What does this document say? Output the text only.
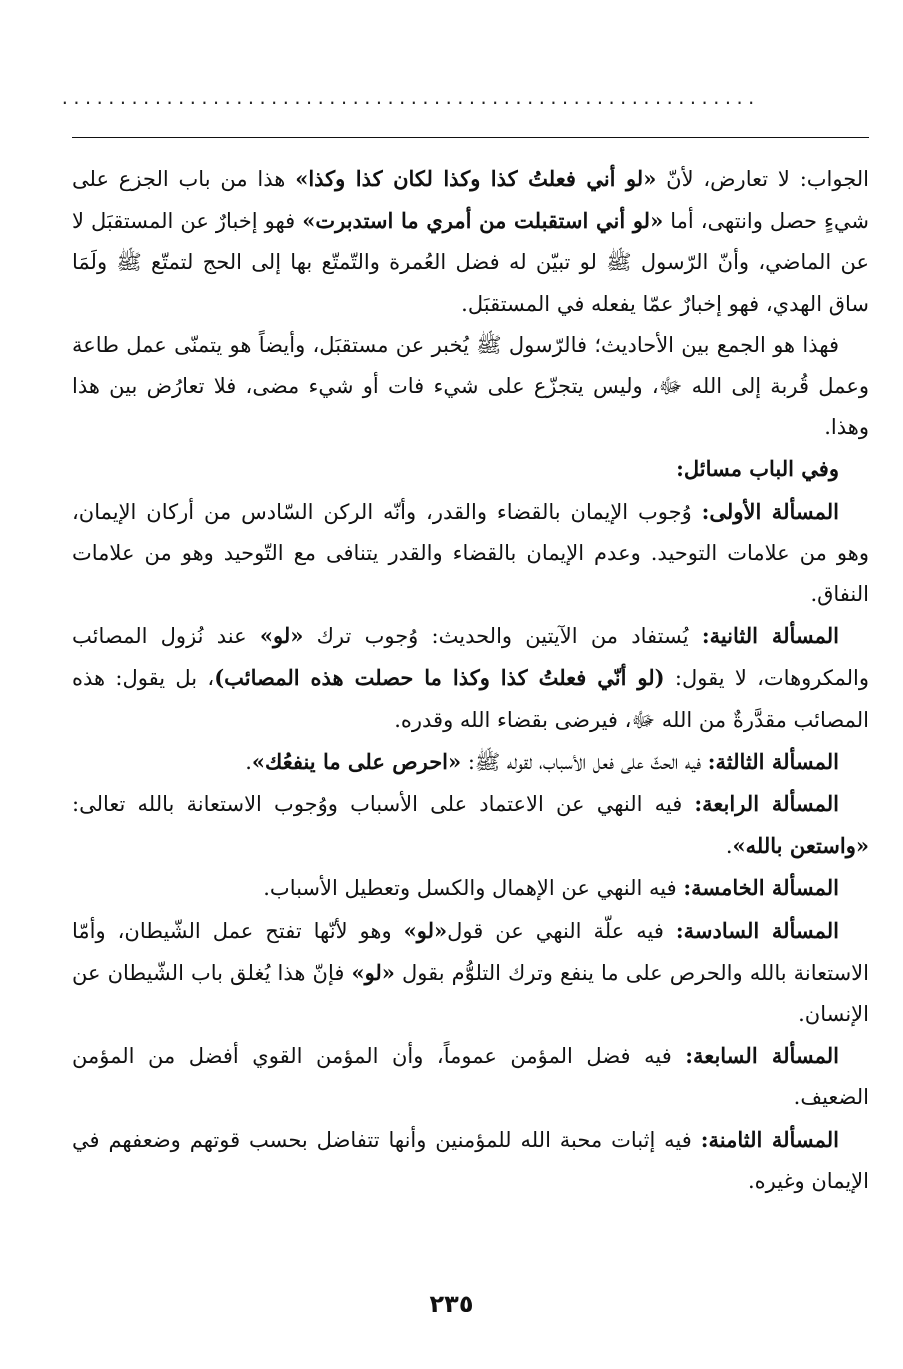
............................................................

الجواب: لا تعارض، لأنّ «لو أني فعلتُ كذا وكذا لكان كذا وكذا» هذا من باب الجزع على شيءٍ حصل وانتهى، أما «لو أني استقبلت من أمري ما استدبرت» فهو إخبارٌ عن المستقبَل لا عن الماضي، وأنّ الرّسول ﷺ لو تبيّن له فضل العُمرة والتّمتّع بها إلى الحج لتمتّع ﷺ ولَمَا ساق الهدي، فهو إخبارٌ عمّا يفعله في المستقبَل.

فهذا هو الجمع بين الأحاديث؛ فالرّسول ﷺ يُخبر عن مستقبَل، وأيضاً هو يتمنّى عمل طاعة وعمل قُربة إلى الله ﷻ، وليس يتجزّع على شيء فات أو شيء مضى، فلا تعارُض بين هذا وهذا.

وفي الباب مسائل:

المسألة الأولى: وُجوب الإيمان بالقضاء والقدر، وأنّه الركن السّادس من أركان الإيمان، وهو من علامات التوحيد. وعدم الإيمان بالقضاء والقدر يتنافى مع التّوحيد وهو من علامات النفاق.

المسألة الثانية: يُستفاد من الآيتين والحديث: وُجوب ترك «لو» عند نُزول المصائب والمكروهات، لا يقول: (لو أنّي فعلتُ كذا وكذا ما حصلت هذه المصائب)، بل يقول: هذه المصائب مقدَّرةٌ من الله ﷻ، فيرضى بقضاء الله وقدره.

المسألة الثالثة: فيه الحثّ على فعل الأسباب، لقوله ﷺ: «احرص على ما ينفعُك».

المسألة الرابعة: فيه النهي عن الاعتماد على الأسباب ووُجوب الاستعانة بالله تعالى: «واستعن بالله».

المسألة الخامسة: فيه النهي عن الإهمال والكسل وتعطيل الأسباب.

المسألة السادسة: فيه علّة النهي عن قول«لو» وهو لأنّها تفتح عمل الشّيطان، وأمّا الاستعانة بالله والحرص على ما ينفع وترك التلوُّم بقول «لو» فإنّ هذا يُغلق باب الشّيطان عن الإنسان.

المسألة السابعة: فيه فضل المؤمن عموماً، وأن المؤمن القوي أفضل من المؤمن الضعيف.

المسألة الثامنة: فيه إثبات محبة الله للمؤمنين وأنها تتفاضل بحسب قوتهم وضعفهم في الإيمان وغيره.

٢٣٥
